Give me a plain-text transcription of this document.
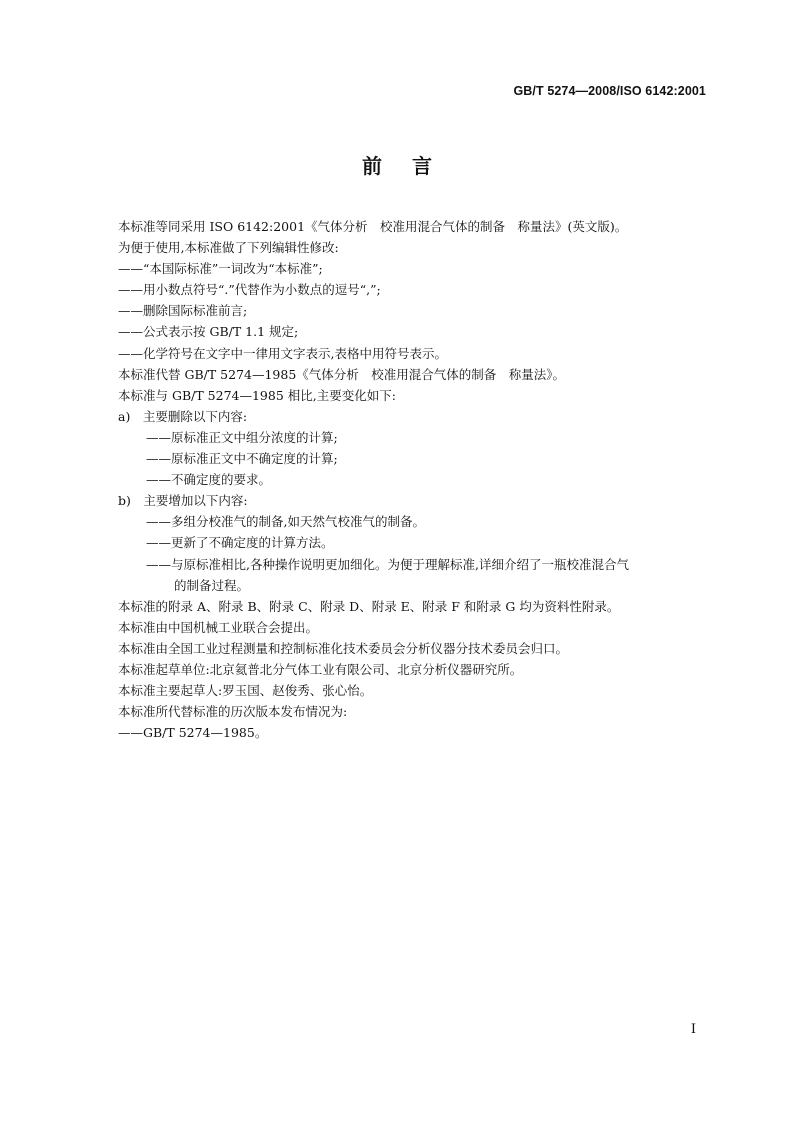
GB/T 5274—2008/ISO 6142:2001
前言
本标准等同采用 ISO 6142:2001《气体分析　校准用混合气体的制备　称量法》(英文版)。
为便于使用,本标准做了下列编辑性修改:
——“本国际标准”一词改为“本标准”;
——用小数点符号“.”代替作为小数点的逗号“,”;
——删除国际标准前言;
——公式表示按 GB/T 1.1 规定;
——化学符号在文字中一律用文字表示,表格中用符号表示。
本标准代替 GB/T 5274—1985《气体分析　校准用混合气体的制备　称量法》。
本标准与 GB/T 5274—1985 相比,主要变化如下:
a)　主要删除以下内容:
——原标准正文中组分浓度的计算;
——原标准正文中不确定度的计算;
——不确定度的要求。
b)　主要增加以下内容:
——多组分校准气的制备,如天然气校准气的制备。
——更新了不确定度的计算方法。
——与原标准相比,各种操作说明更加细化。为便于理解标准,详细介绍了一瓶校准混合气
的制备过程。
本标准的附录 A、附录 B、附录 C、附录 D、附录 E、附录 F 和附录 G 均为资料性附录。
本标准由中国机械工业联合会提出。
本标准由全国工业过程测量和控制标准化技术委员会分析仪器分技术委员会归口。
本标准起草单位:北京氦普北分气体工业有限公司、北京分析仪器研究所。
本标准主要起草人:罗玉国、赵俊秀、张心怡。
本标准所代替标准的历次版本发布情况为:
——GB/T 5274—1985。
I
